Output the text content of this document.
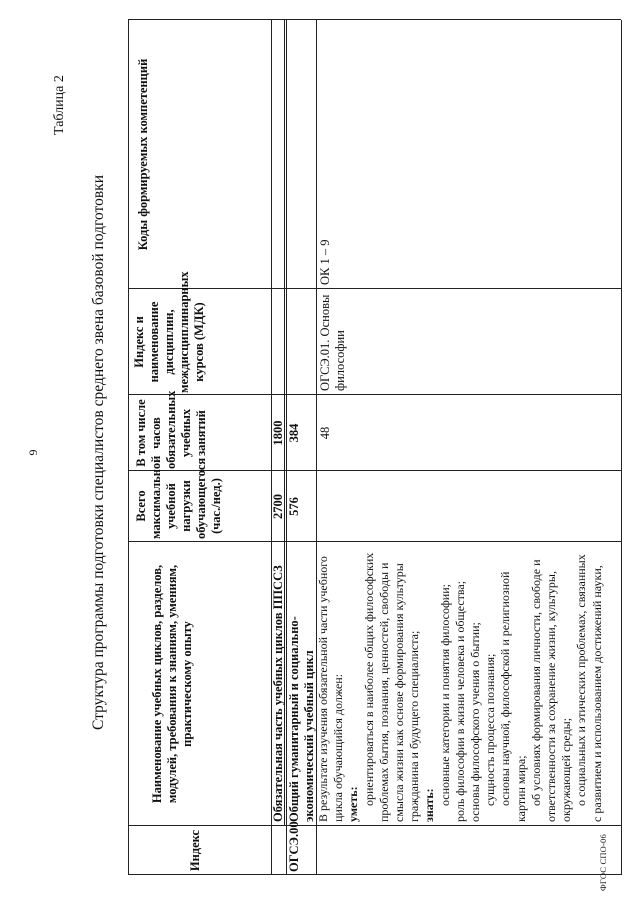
9
Таблица 2
Структура программы подготовки специалистов среднего звена базовой подготовки
Индекс
Наименование учебных циклов, разделов, модулей, требования к знаниям, умениям, практическому опыту
Всего максимальной учебной нагрузки обучающегося (час./нед.)
В том числе часов обязательных учебных занятий
Индекс и наименование дисциплин, междисциплинарных курсов (МДК)
Коды формируемых компетенций
Обязательная часть учебных циклов ППССЗ
2700
1800
ОГСЭ.00
Общий гуманитарный и социально-экономический учебный цикл
576
384

В результате изучения обязательной части учебного цикла обучающийся должен: уметь: ориентироваться в наиболее общих философских проблемах бытия, познания, ценностей, свободы и смысла жизни как основе формирования культуры гражданина и будущего специалиста; знать: основные категории и понятия философии; роль философии в жизни человека и общества; основы философского учения о бытии; сущность процесса познания; основы научной, философской и религиозной картин мира; об условиях формирования личности, свободе и ответственности за сохранение жизни, культуры, окружающей среды; о социальных и этических проблемах, связанных с развитием и использованием достижений науки,

48
ОГСЭ.01. Основы философии
ОК 1 – 9
ФГОС СПО-06
